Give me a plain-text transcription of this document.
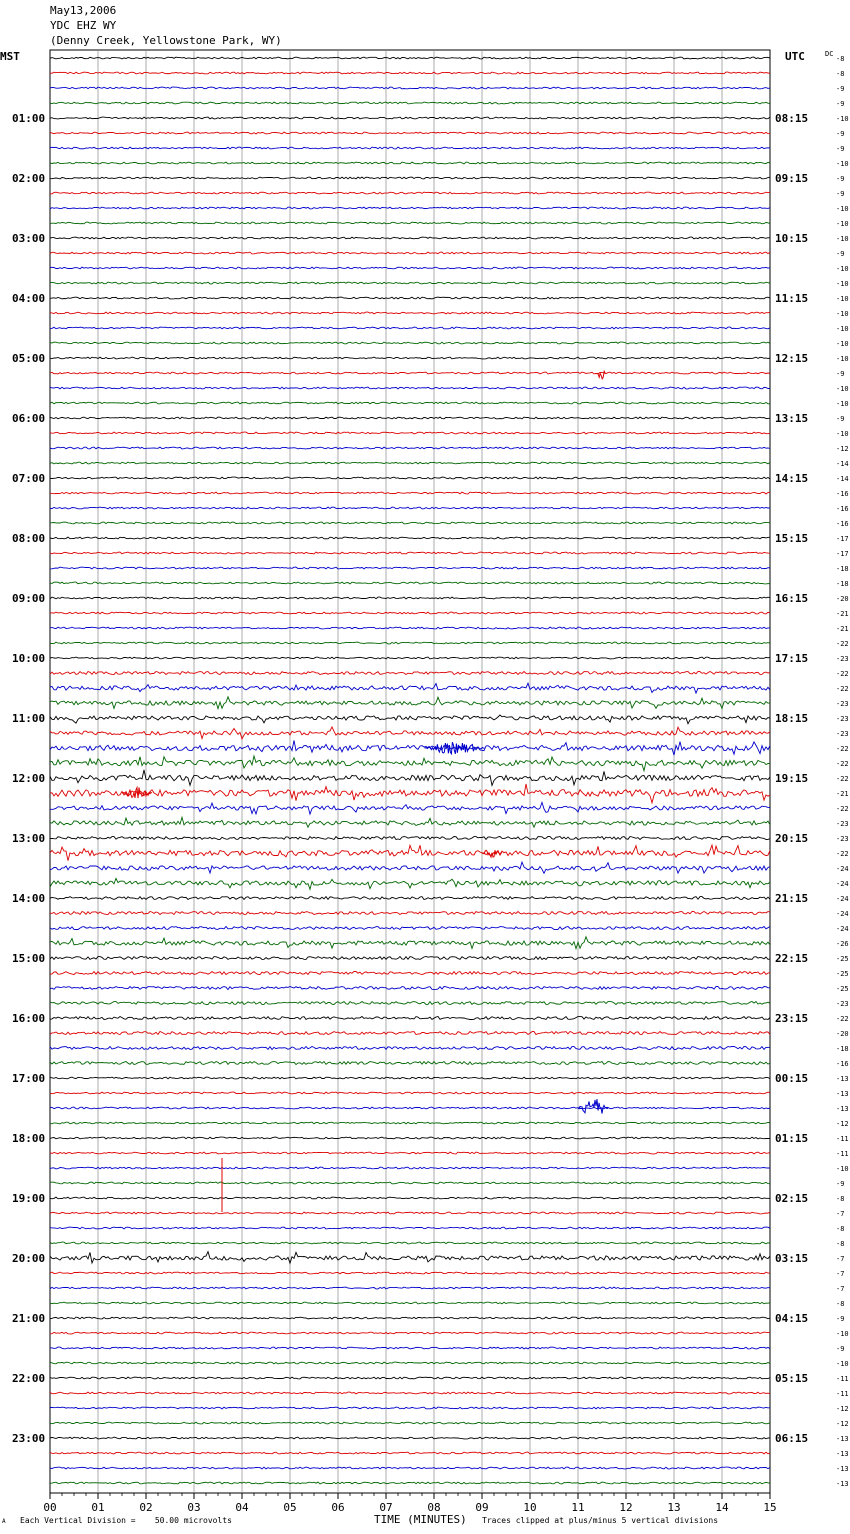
May13,2006
YDC EHZ WY
(Denny Creek, Yellowstone Park, WY)
MST	UTC	-8
-8
-9
-9
-10
-9
-9
-10
-9
-9
-10
-10
-10
-9
-10
-10
-10
-10
-10
-10
-10
-9
-10
-10
-9
-10
-12
-14
-14
-16
-16
-16
-17
-17
-18
-18
-20
-21
-21
-22
-23
-22
-22
-23
-23
-23
-22
-22
-22
-21
-22
-23
-23
-22
-24
-24
-24
-24
-24
-26
-25
-25
-25
-23
-22
-20
-18
-16
-13
-13
-13
-12
-11
-11
-10
-9
-8
-7
-8
-8
-7
-7
-7
-8
-9
-10
-9
-10
-11
-11
-12
-12
-13
-13
-13
-13
01:00	08:15
02:00	09:15
03:00	10:15
04:00	11:15
05:00	12:15
06:00	13:15
07:00	14:15
08:00	15:15
09:00	16:15
10:00	17:15
11:00	18:15
12:00	19:15
13:00	20:15
14:00	21:15
15:00	22:15
16:00	23:15
17:00	00:15
18:00	01:15
19:00	02:15
20:00	03:15
21:00	04:15
22:00	05:15
23:00	06:15
00	01	02	03	04	05	06	07	08	09	10	11	12	13	14	15
DC
A Each Vertical Division =    50.00 microvolts	TIME (MINUTES) Traces clipped at plus/minus 5 vertical divisions
